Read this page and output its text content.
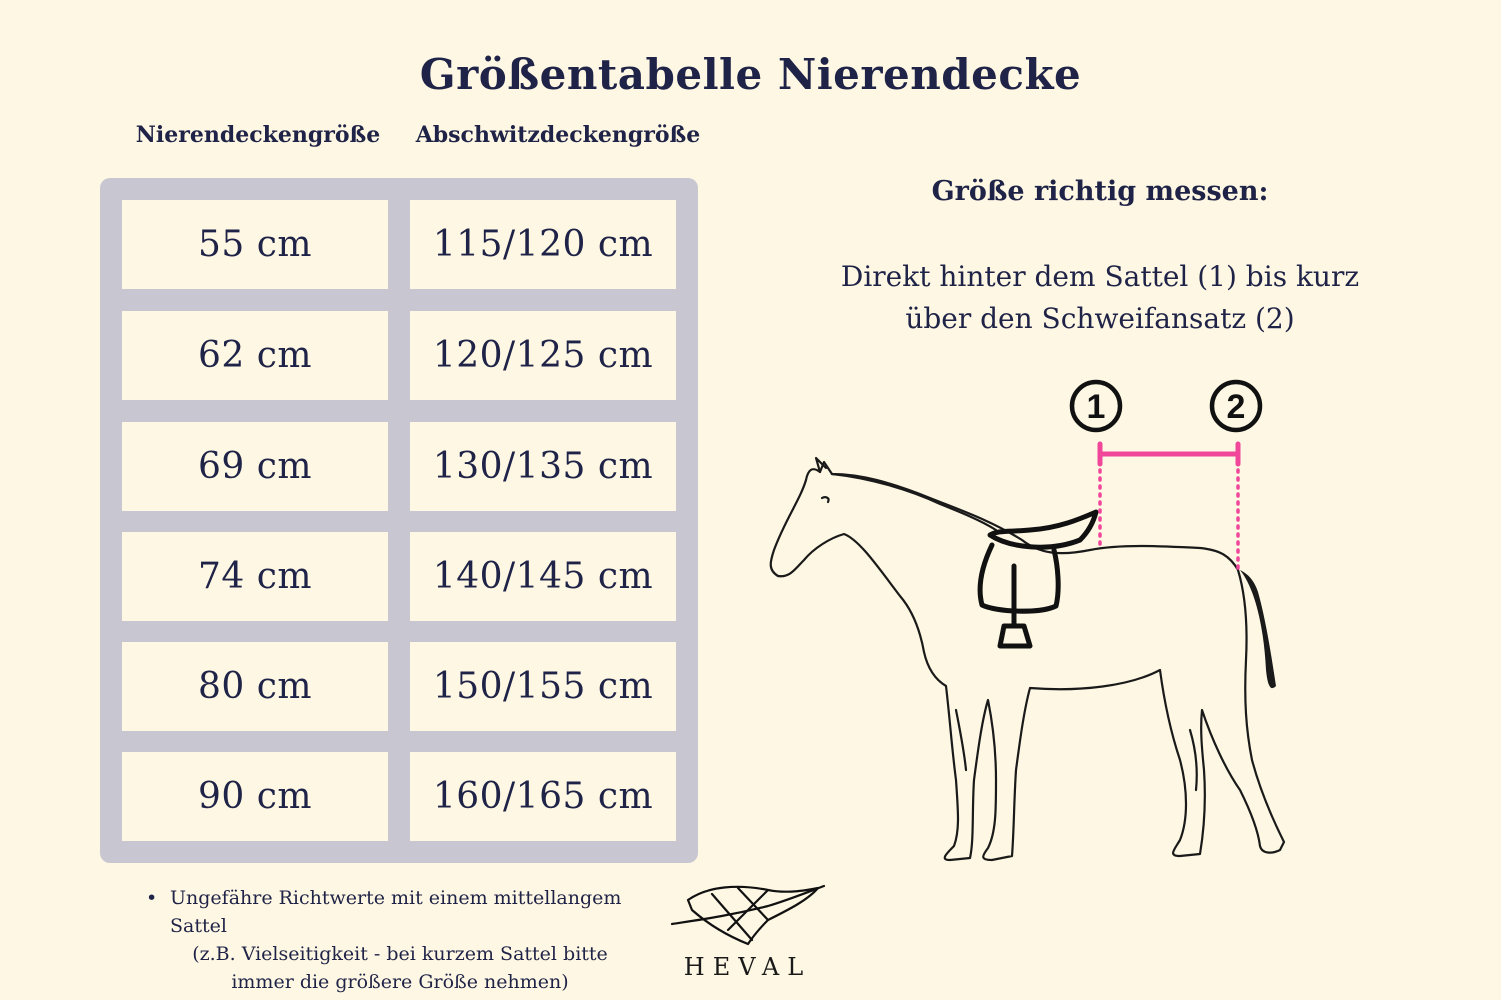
Größentabelle Nierendecke
Nierendeckengröße	Abschwitzdeckengröße
55 cm	115/120 cm
62 cm	120/125 cm
69 cm	130/135 cm
74 cm	140/145 cm
80 cm	150/155 cm
90 cm	160/165 cm
Größe richtig messen:
Direkt hinter dem Sattel (1) bis kurz
über den Schweifansatz (2)
1	2
• Ungefähre Richtwerte mit einem mittellangem Sattel
(z.B. Vielseitigkeit - bei kurzem Sattel bitte
immer die größere Größe nehmen)
HEVAL
